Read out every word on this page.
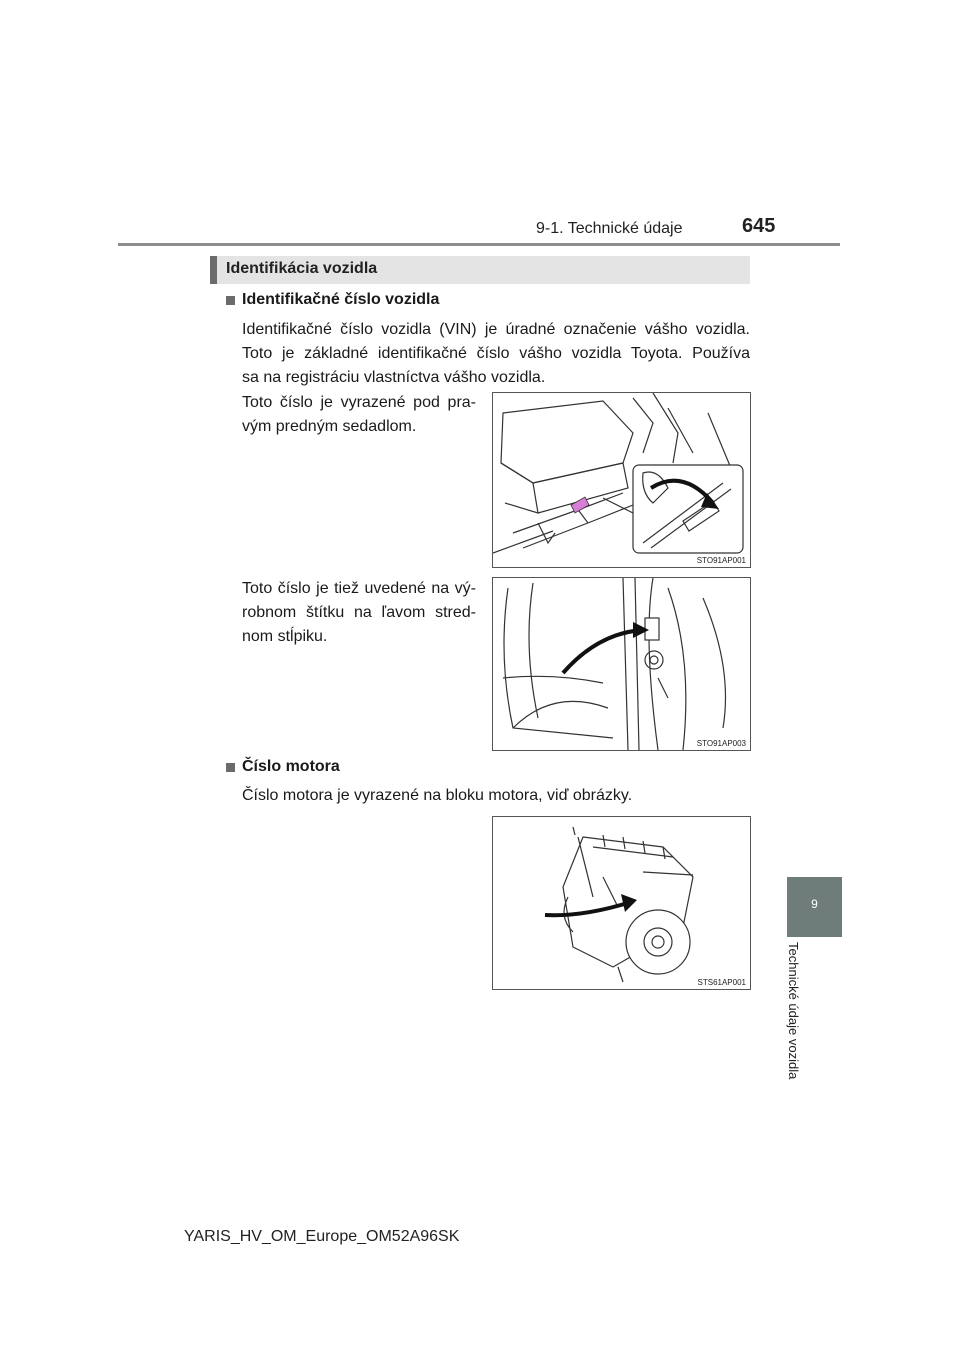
9-1. Technické údaje	645
Identifikácia vozidla
Identifikačné číslo vozidla
Identifikačné číslo vozidla (VIN) je úradné označenie vášho vozidla.
Toto je základné identifikačné číslo vášho vozidla Toyota. Používa
sa na registráciu vlastníctva vášho vozidla.
Toto číslo je vyrazené pod pra-
vým predným sedadlom.
STO91AP001
Toto číslo je tiež uvedené na vý-
robnom štítku na ľavom stred-
nom stĺpiku.
STO91AP003
Číslo motora
Číslo motora je vyrazené na bloku motora, viď obrázky.
STS61AP001
9
Technické údaje vozidla
YARIS_HV_OM_Europe_OM52A96SK
